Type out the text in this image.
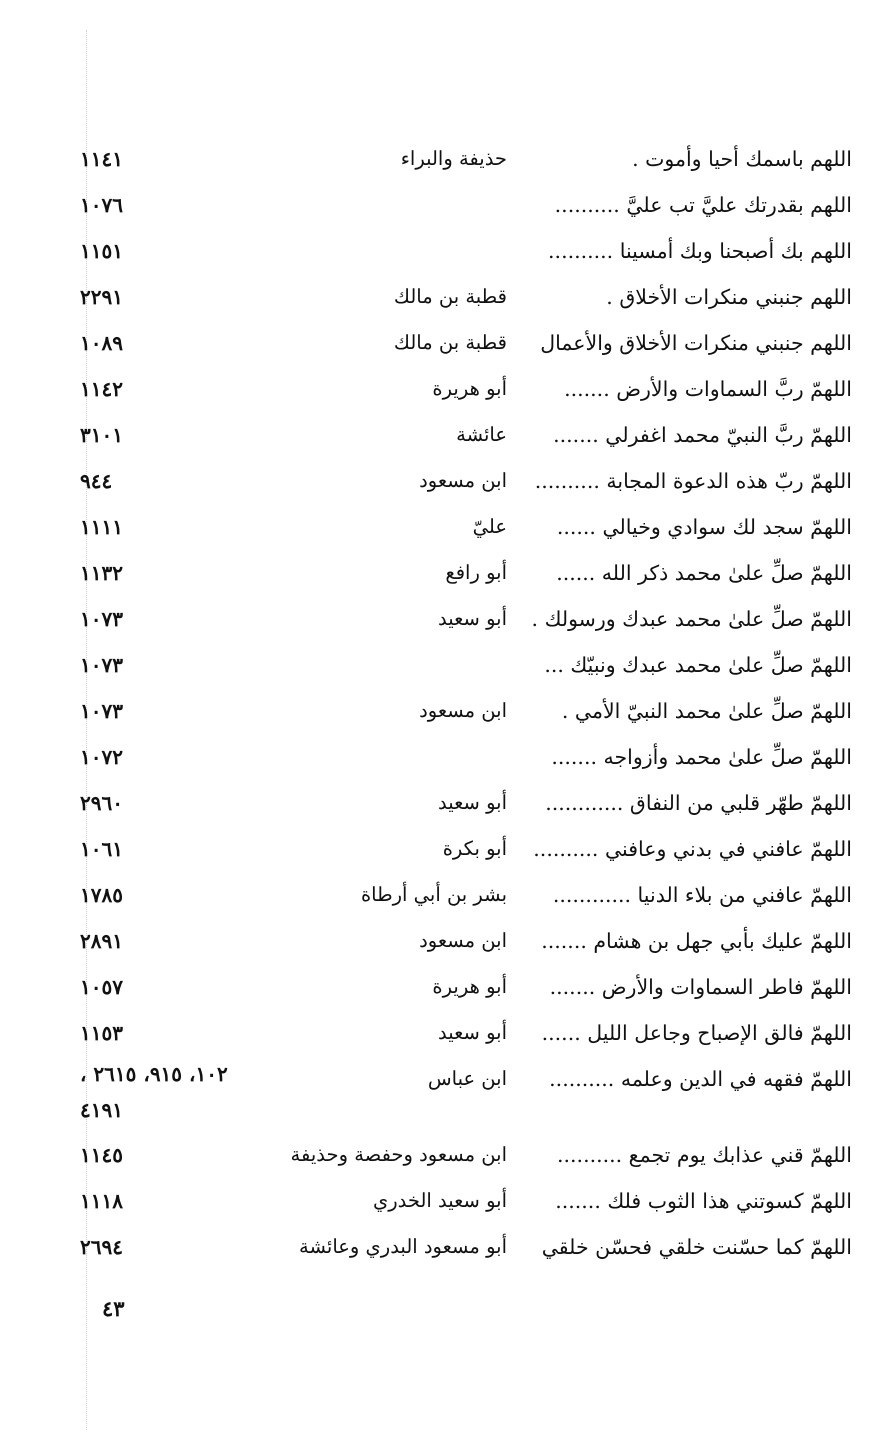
اللهم باسمك أحيا وأموت .
حذيفة والبراء
١١٤١
اللهم بقدرتك عليَّ تب عليَّ ..........
١٠٧٦
اللهم بك أصبحنا وبك أمسينا ..........
١١٥١
اللهم جنبني منكرات الأخلاق .
قطبة بن مالك
٢٢٩١
اللهم جنبني منكرات الأخلاق والأعمال
قطبة بن مالك
١٠٨٩
اللهمّ ربَّ السماوات والأرض .......
أبو هريرة
١١٤٢
اللهمّ ربَّ النبيّ محمد اغفرلي .......
عائشة
٣١٠١
اللهمّ ربّ هذه الدعوة المجابة ..........
ابن مسعود
٩٤٤
اللهمّ سجد لك سوادي وخيالي ......
عليّ
١١١١
اللهمّ صلِّ علىٰ محمد ذكر الله ......
أبو رافع
١١٣٢
اللهمّ صلِّ علىٰ محمد عبدك ورسولك .
أبو سعيد
١٠٧٣
اللهمّ صلِّ علىٰ محمد عبدك ونبيّك ...
١٠٧٣
اللهمّ صلِّ علىٰ محمد النبيّ الأمي .
ابن مسعود
١٠٧٣
اللهمّ صلِّ علىٰ محمد وأزواجه .......
١٠٧٢
اللهمّ طهّر قلبي من النفاق ............
أبو سعيد
٢٩٦٠
اللهمّ عافني في بدني وعافني ..........
أبو بكرة
١٠٦١
اللهمّ عافني من بلاء الدنيا ............
بشر بن أبي أرطاة
١٧٨٥
اللهمّ عليك بأبي جهل بن هشام .......
ابن مسعود
٢٨٩١
اللهمّ فاطر السماوات والأرض .......
أبو هريرة
١٠٥٧
اللهمّ فالق الإصباح وجاعل الليل ......
أبو سعيد
١١٥٣
اللهمّ فقهه في الدين وعلمه ..........
ابن عباس
١٠٢، ٩١٥، ٢٦١٥ ، ٤١٩١
اللهمّ قني عذابك يوم تجمع ..........
ابن مسعود وحفصة وحذيفة
١١٤٥
اللهمّ كسوتني هذا الثوب فلك .......
أبو سعيد الخدري
١١١٨
اللهمّ كما حسّنت خلقي فحسّن خلقي
أبو مسعود البدري وعائشة
٢٦٩٤
٤٣
